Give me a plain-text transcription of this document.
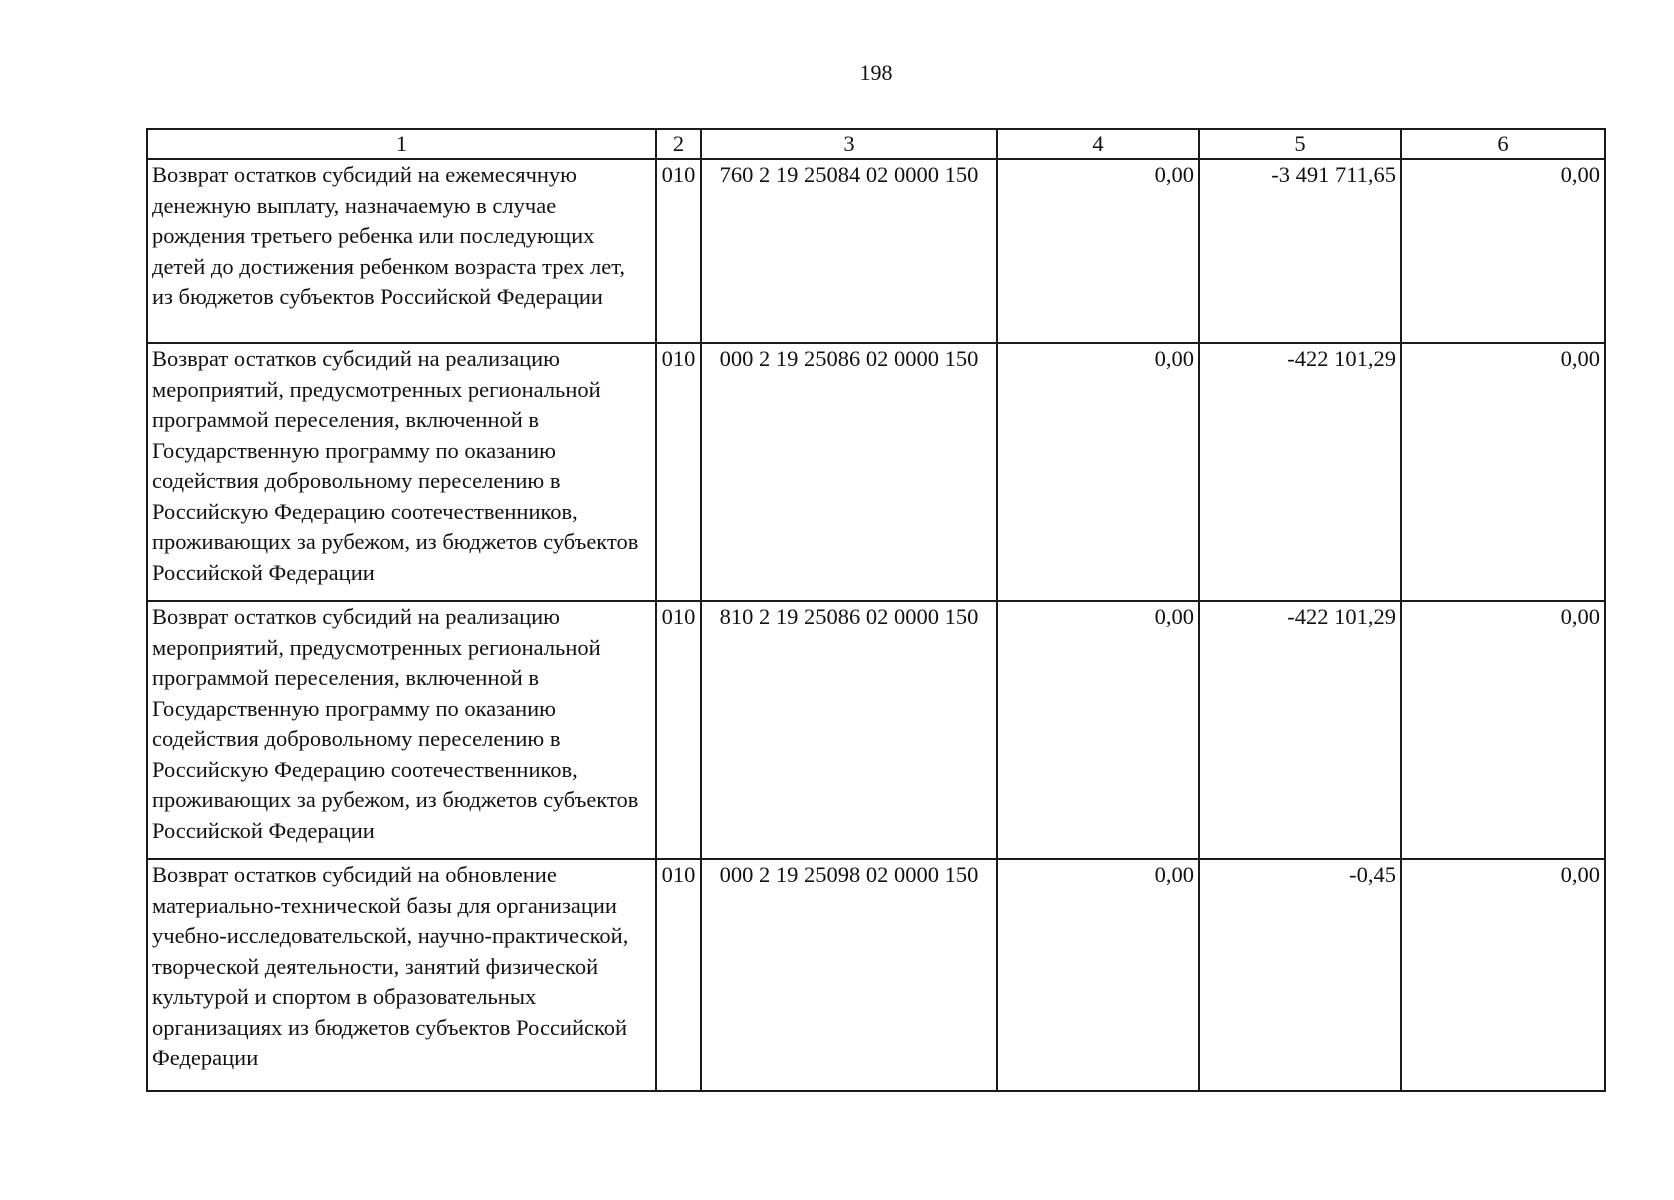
198
1	2	3	4	5	6
Возврат остатков субсидий на ежемесячную денежную выплату, назначаемую в случае рождения третьего ребенка или последующих детей до достижения ребенком возраста трех лет, из бюджетов субъектов Российской Федерации	010	760 2 19 25084 02 0000 150	0,00	-3 491 711,65	0,00
Возврат остатков субсидий на реализацию мероприятий, предусмотренных региональной программой переселения, включенной в Государственную программу по оказанию содействия добровольному переселению в Российскую Федерацию соотечественников, проживающих за рубежом, из бюджетов субъектов Российской Федерации	010	000 2 19 25086 02 0000 150	0,00	-422 101,29	0,00
Возврат остатков субсидий на реализацию мероприятий, предусмотренных региональной программой переселения, включенной в Государственную программу по оказанию содействия добровольному переселению в Российскую Федерацию соотечественников, проживающих за рубежом, из бюджетов субъектов Российской Федерации	010	810 2 19 25086 02 0000 150	0,00	-422 101,29	0,00
Возврат остатков субсидий на обновление материально-технической базы для организации учебно-исследовательской, научно-практической, творческой деятельности, занятий физической культурой и спортом в образовательных организациях из бюджетов субъектов Российской Федерации	010	000 2 19 25098 02 0000 150	0,00	-0,45	0,00
